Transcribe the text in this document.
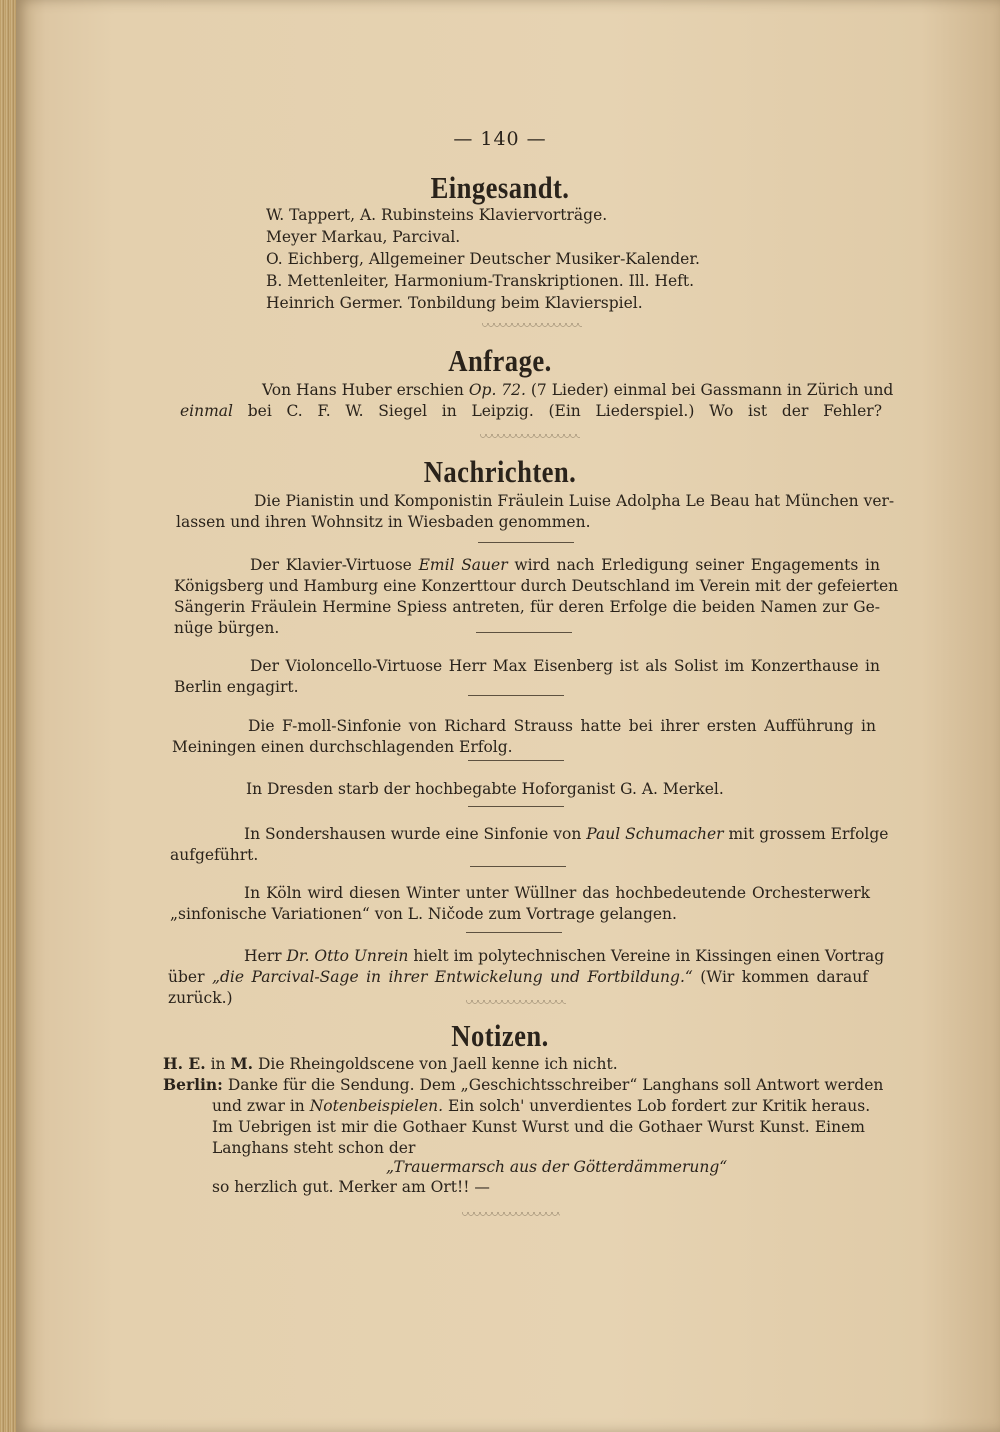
— 140 —
Eingesandt.
W. Tappert, A. Rubinsteins Klaviervorträge.
Meyer Markau, Parcival.
O. Eichberg, Allgemeiner Deutscher Musiker-Kalender.
B. Mettenleiter, Harmonium-Transkriptionen. Ill. Heft.
Heinrich Germer. Tonbildung beim Klavierspiel.
Anfrage.
Von Hans Huber erschien Op. 72. (7 Lieder) einmal bei Gassmann in Zürich und
einmal bei C. F. W. Siegel in Leipzig. (Ein Liederspiel.) Wo ist der Fehler?
Nachrichten.
Die Pianistin und Komponistin Fräulein Luise Adolpha Le Beau hat München ver-
lassen und ihren Wohnsitz in Wiesbaden genommen.
Der Klavier-Virtuose Emil Sauer wird nach Erledigung seiner Engagements in
Königsberg und Hamburg eine Konzerttour durch Deutschland im Verein mit der gefeierten
Sängerin Fräulein Hermine Spiess antreten, für deren Erfolge die beiden Namen zur Ge-
nüge bürgen.
Der Violoncello-Virtuose Herr Max Eisenberg ist als Solist im Konzerthause in
Berlin engagirt.
Die F-moll-Sinfonie von Richard Strauss hatte bei ihrer ersten Aufführung in
Meiningen einen durchschlagenden Erfolg.
In Dresden starb der hochbegabte Hoforganist G. A. Merkel.
In Sondershausen wurde eine Sinfonie von Paul Schumacher mit grossem Erfolge
aufgeführt.
In Köln wird diesen Winter unter Wüllner das hochbedeutende Orchesterwerk
„sinfonische Variationen“ von L. Ničode zum Vortrage gelangen.
Herr Dr. Otto Unrein hielt im polytechnischen Vereine in Kissingen einen Vortrag
über „die Parcival-Sage in ihrer Entwickelung und Fortbildung.“ (Wir kommen darauf
zurück.)
Notizen.
H. E. in M. Die Rheingoldscene von Jaell kenne ich nicht.
Berlin: Danke für die Sendung. Dem „Geschichtsschreiber“ Langhans soll Antwort werden
und zwar in Notenbeispielen. Ein solch' unverdientes Lob fordert zur Kritik heraus.
Im Uebrigen ist mir die Gothaer Kunst Wurst und die Gothaer Wurst Kunst. Einem
Langhans steht schon der
„Trauermarsch aus der Götterdämmerung“
so herzlich gut. Merker am Ort!! —
